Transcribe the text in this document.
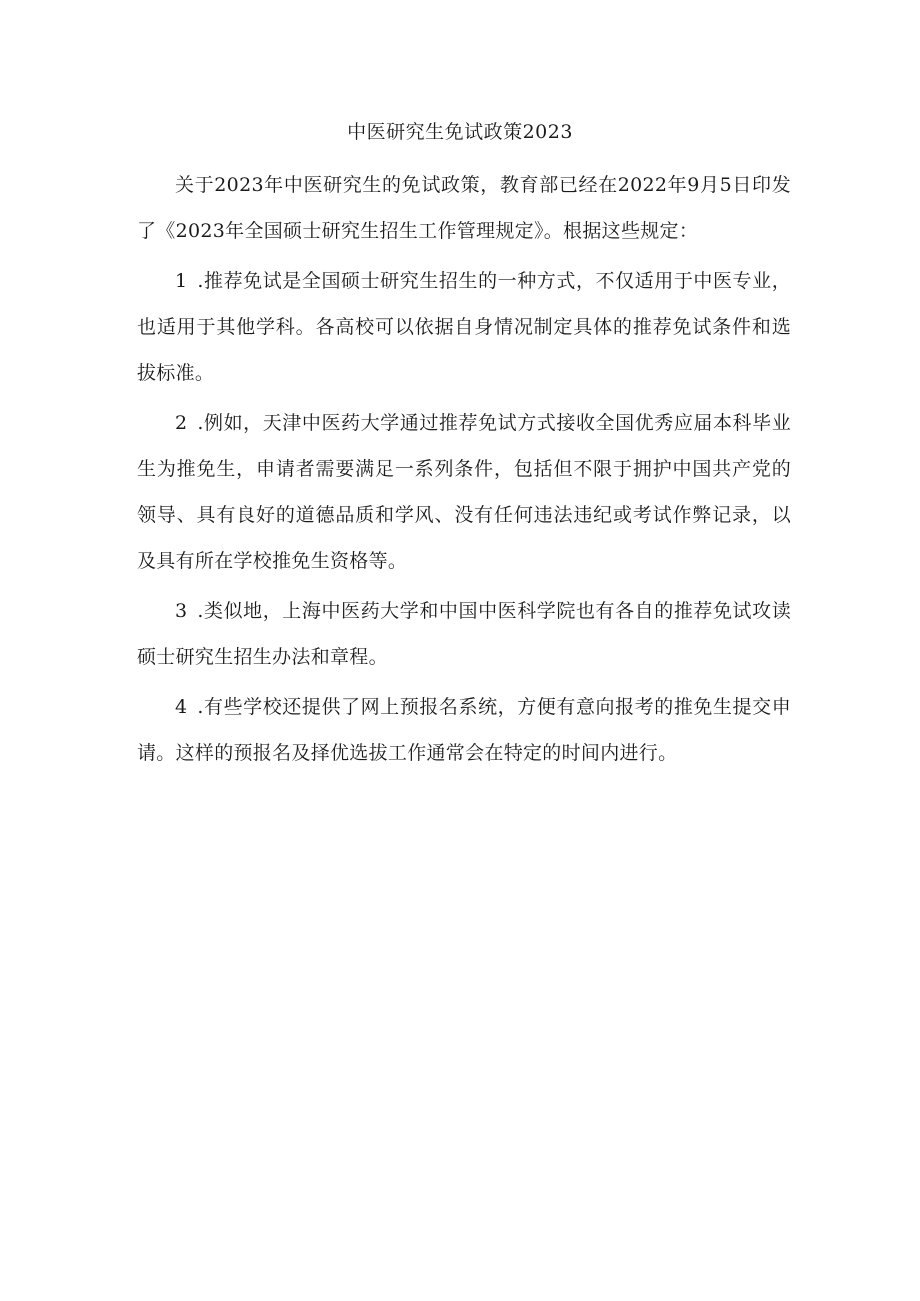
中医研究生免试政策2023

关于2023年中医研究生的免试政策，教育部已经在2022年9月5日印发了《2023年全国硕士研究生招生工作管理规定》。根据这些规定：

1 .推荐免试是全国硕士研究生招生的一种方式，不仅适用于中医专业，也适用于其他学科。各高校可以依据自身情况制定具体的推荐免试条件和选拔标准。

2 .例如，天津中医药大学通过推荐免试方式接收全国优秀应届本科毕业生为推免生，申请者需要满足一系列条件，包括但不限于拥护中国共产党的领导、具有良好的道德品质和学风、没有任何违法违纪或考试作弊记录，以及具有所在学校推免生资格等。

3 .类似地，上海中医药大学和中国中医科学院也有各自的推荐免试攻读硕士研究生招生办法和章程。

4 .有些学校还提供了网上预报名系统，方便有意向报考的推免生提交申请。这样的预报名及择优选拔工作通常会在特定的时间内进行。
